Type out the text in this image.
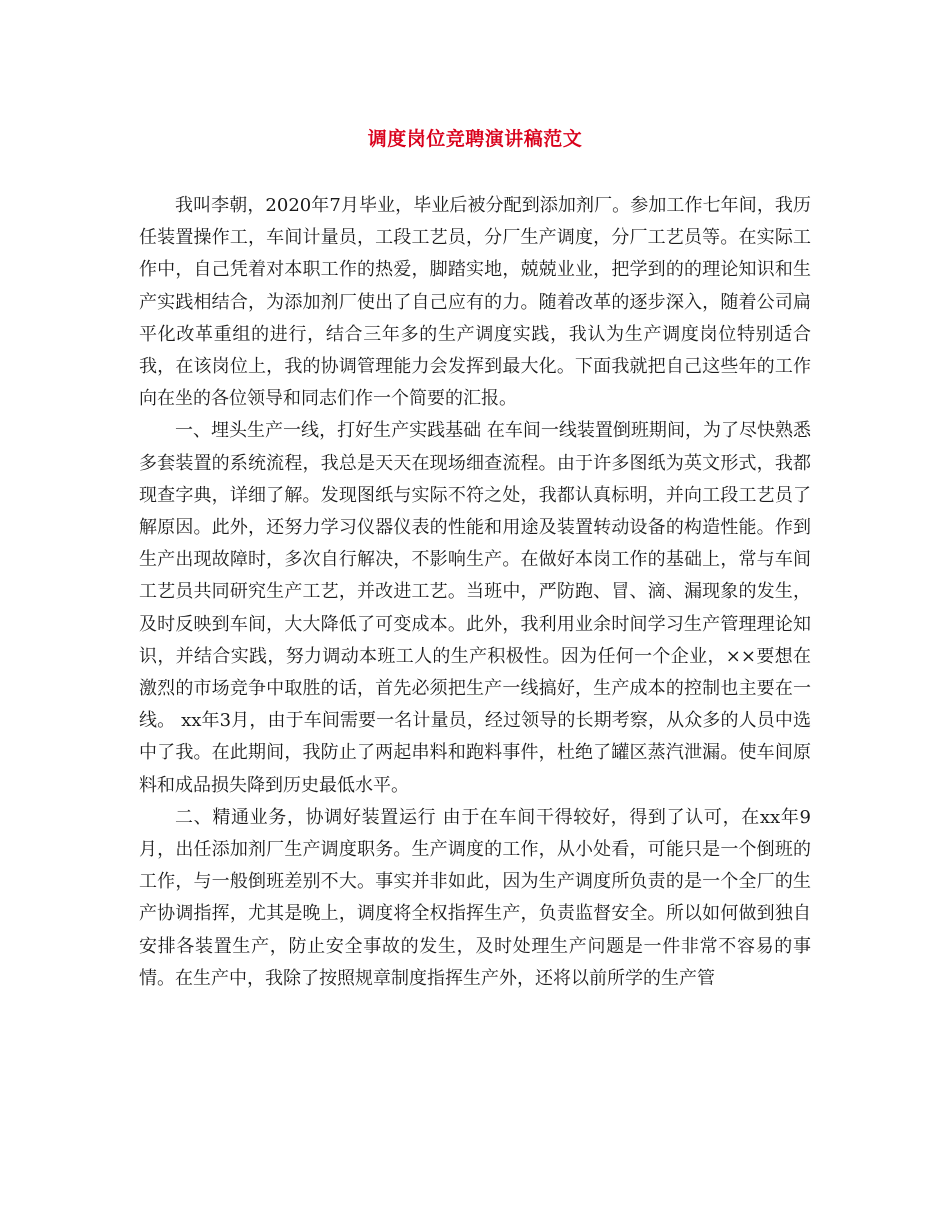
调度岗位竞聘演讲稿范文

我叫李朝，2020年7月毕业，毕业后被分配到添加剂厂。参加工作七年间，我历任装置操作工，车间计量员，工段工艺员，分厂生产调度，分厂工艺员等。在实际工作中，自己凭着对本职工作的热爱，脚踏实地，兢兢业业，把学到的的理论知识和生产实践相结合，为添加剂厂使出了自己应有的力。随着改革的逐步深入，随着公司扁平化改革重组的进行，结合三年多的生产调度实践，我认为生产调度岗位特别适合我，在该岗位上，我的协调管理能力会发挥到最大化。下面我就把自己这些年的工作向在坐的各位领导和同志们作一个简要的汇报。

一、埋头生产一线，打好生产实践基础 在车间一线装置倒班期间，为了尽快熟悉多套装置的系统流程，我总是天天在现场细查流程。由于许多图纸为英文形式，我都现查字典，详细了解。发现图纸与实际不符之处，我都认真标明，并向工段工艺员了解原因。此外，还努力学习仪器仪表的性能和用途及装置转动设备的构造性能。作到生产出现故障时，多次自行解决，不影响生产。在做好本岗工作的基础上，常与车间工艺员共同研究生产工艺，并改进工艺。当班中，严防跑、冒、滴、漏现象的发生，及时反映到车间，大大降低了可变成本。此外，我利用业余时间学习生产管理理论知识，并结合实践，努力调动本班工人的生产积极性。因为任何一个企业，××要想在激烈的市场竞争中取胜的话，首先必须把生产一线搞好，生产成本的控制也主要在一线。 xx年3月，由于车间需要一名计量员，经过领导的长期考察，从众多的人员中选中了我。在此期间，我防止了两起串料和跑料事件，杜绝了罐区蒸汽泄漏。使车间原料和成品损失降到历史最低水平。

二、精通业务，协调好装置运行 由于在车间干得较好，得到了认可，在xx年9月，出任添加剂厂生产调度职务。生产调度的工作，从小处看，可能只是一个倒班的工作，与一般倒班差别不大。事实并非如此，因为生产调度所负责的是一个全厂的生产协调指挥，尤其是晚上，调度将全权指挥生产，负责监督安全。所以如何做到独自安排各装置生产，防止安全事故的发生，及时处理生产问题是一件非常不容易的事情。在生产中，我除了按照规章制度指挥生产外，还将以前所学的生产管
